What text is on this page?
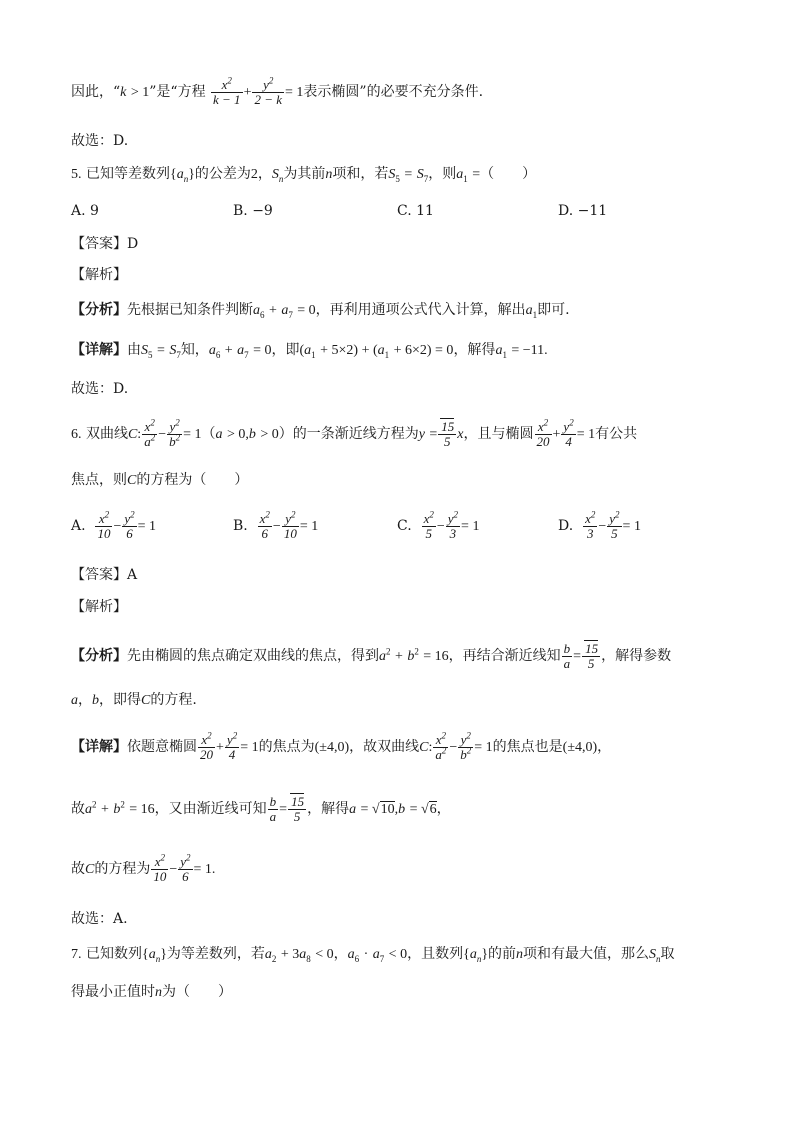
因此，“k > 1”是“方程 $\frac{x^2}{k - 1} + \frac{y^2}{2 - k} = 1$表示椭圆”的必要不充分条件.
故选：D.
5. 已知等差数列$\{a_n\}$的公差为2，$S_n$为其前n项和，若$S_5 = S_7$，则$a_1$ =（　　）
A. 9	B. −9	C. 11	D. −11
【答案】D
【解析】
【分析】先根据已知条件判断$a_6 + a_7 = 0$，再利用通项公式代入计算，解出$a_1$即可.
【详解】由$S_5 = S_7$知，$a_6 + a_7 = 0$，即$(a_1 + 5\times 2) + (a_1 + 6\times 2) = 0$，解得$a_1 = -11$.
故选：D.
6. 双曲线C: $\frac{x^2}{a^2} - \frac{y^2}{b^2} = 1(a > 0,b > 0)$的一条渐近线方程为$y = \frac{15}{5}$ x，且与椭圆 $\frac{x^2}{20} + \frac{y^2}{4} = 1$有公共
焦点，则C的方程为（　　）
A. $\frac{x^2}{10} - \frac{y^2}{6} = 1$	B. $\frac{x^2}{6} - \frac{y^2}{10} = 1$	C. $\frac{x^2}{5} - \frac{y^2}{3} = 1$	D. $\frac{x^2}{3} - \frac{y^2}{5} = 1$
【答案】A
【解析】
【分析】先由椭圆的焦点确定双曲线的焦点，得到$a^2 + b^2 = 16$，再结合渐近线知 $\frac{b}{a} = \frac{15}{5}$ ，解得参数
a，b，即得C的方程.
【详解】依题意椭圆 $\frac{x^2}{20} + \frac{y^2}{4} = 1$的焦点为(±4,0)，故双曲线C: $\frac{x^2}{a^2} - \frac{y^2}{b^2} = 1$的焦点也是(±4,0)，
故$a^2 + b^2 = 16$，又由渐近线可知 $\frac{b}{a} = \frac{15}{5}$ ，解得a = √10,b = √6，
故C的方程为 $\frac{x^2}{10} - \frac{y^2}{6} = 1$.
故选：A.
7. 已知数列$\{a_n\}$为等差数列，若$a_2 + 3a_8 < 0$，$a_6 \cdot a_7 < 0$，且数列$\{a_n\}$的前n项和有最大值，那么$S_n$取
得最小正值时n为（　　）
